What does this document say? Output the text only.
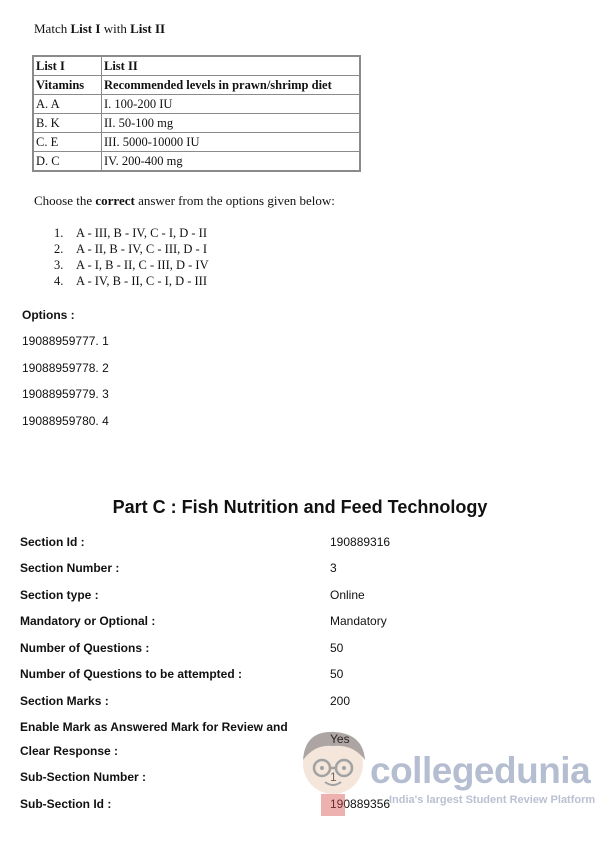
Match List I with List II
List I	List II
Vitamins	Recommended levels in prawn/shrimp diet
A. A	I. 100-200 IU
B. K	II. 50-100 mg
C. E	III. 5000-10000 IU
D. C	IV. 200-400 mg
Choose the correct answer from the options given below:
1. A - III, B - IV, C - I, D - II
2. A - II, B - IV, C - III, D - I
3. A - I, B - II, C - III, D - IV
4. A - IV, B - II, C - I, D - III
Options :
19088959777. 1
19088959778. 2
19088959779. 3
19088959780. 4
Part C : Fish Nutrition and Feed Technology
Section Id :	190889316
Section Number :	3
Section type :	Online
Mandatory or Optional :	Mandatory
Number of Questions :	50
Number of Questions to be attempted :	50
Section Marks :	200
Enable Mark as Answered Mark for Review and
Clear Response :
Yes
Sub-Section Number :	1
Sub-Section Id :	190889356
collegedunia
India's largest Student Review Platform
